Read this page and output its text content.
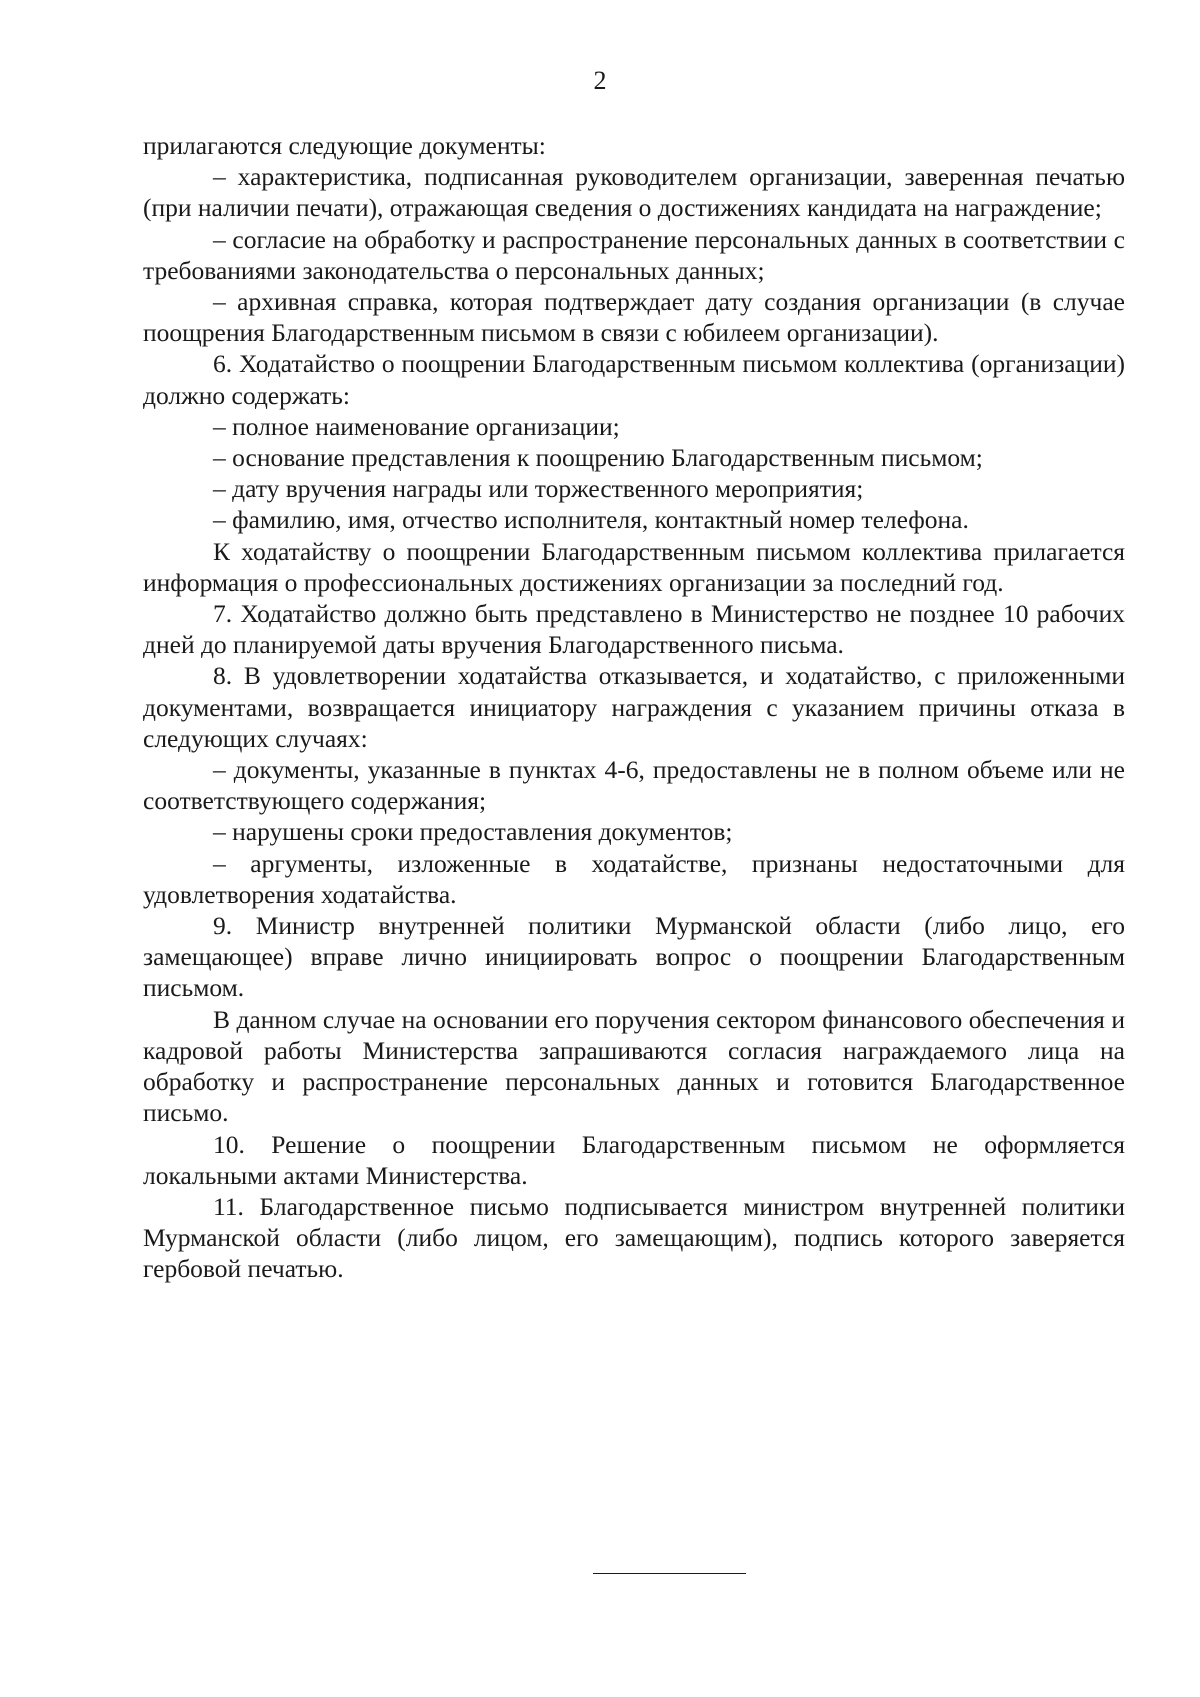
2

прилагаются следующие документы:

– характеристика, подписанная руководителем организации, заверенная печатью (при наличии печати), отражающая сведения о достижениях кандидата на награждение;

– согласие на обработку и распространение персональных данных в соответствии с требованиями законодательства о персональных данных;

– архивная справка, которая подтверждает дату создания организации (в случае поощрения Благодарственным письмом в связи с юбилеем организации).

6. Ходатайство о поощрении Благодарственным письмом коллектива (организации) должно содержать:

– полное наименование организации;

– основание представления к поощрению Благодарственным письмом;

– дату вручения награды или торжественного мероприятия;

– фамилию, имя, отчество исполнителя, контактный номер телефона.

К ходатайству о поощрении Благодарственным письмом коллектива прилагается информация о профессиональных достижениях организации за последний год.

7. Ходатайство должно быть представлено в Министерство не позднее 10 рабочих дней до планируемой даты вручения Благодарственного письма.

8. В удовлетворении ходатайства отказывается, и ходатайство, с приложенными документами, возвращается инициатору награждения с указанием причины отказа в следующих случаях:

– документы, указанные в пунктах 4-6, предоставлены не в полном объеме или не соответствующего содержания;

– нарушены сроки предоставления документов;

– аргументы, изложенные в ходатайстве, признаны недостаточными для удовлетворения ходатайства.

9. Министр внутренней политики Мурманской области (либо лицо, его замещающее) вправе лично инициировать вопрос о поощрении Благодарственным письмом.

В данном случае на основании его поручения сектором финансового обеспечения и кадровой работы Министерства запрашиваются согласия награждаемого лица на обработку и распространение персональных данных и готовится Благодарственное письмо.

10. Решение о поощрении Благодарственным письмом не оформляется локальными актами Министерства.

11. Благодарственное письмо подписывается министром внутренней политики Мурманской области (либо лицом, его замещающим), подпись которого заверяется гербовой печатью.
